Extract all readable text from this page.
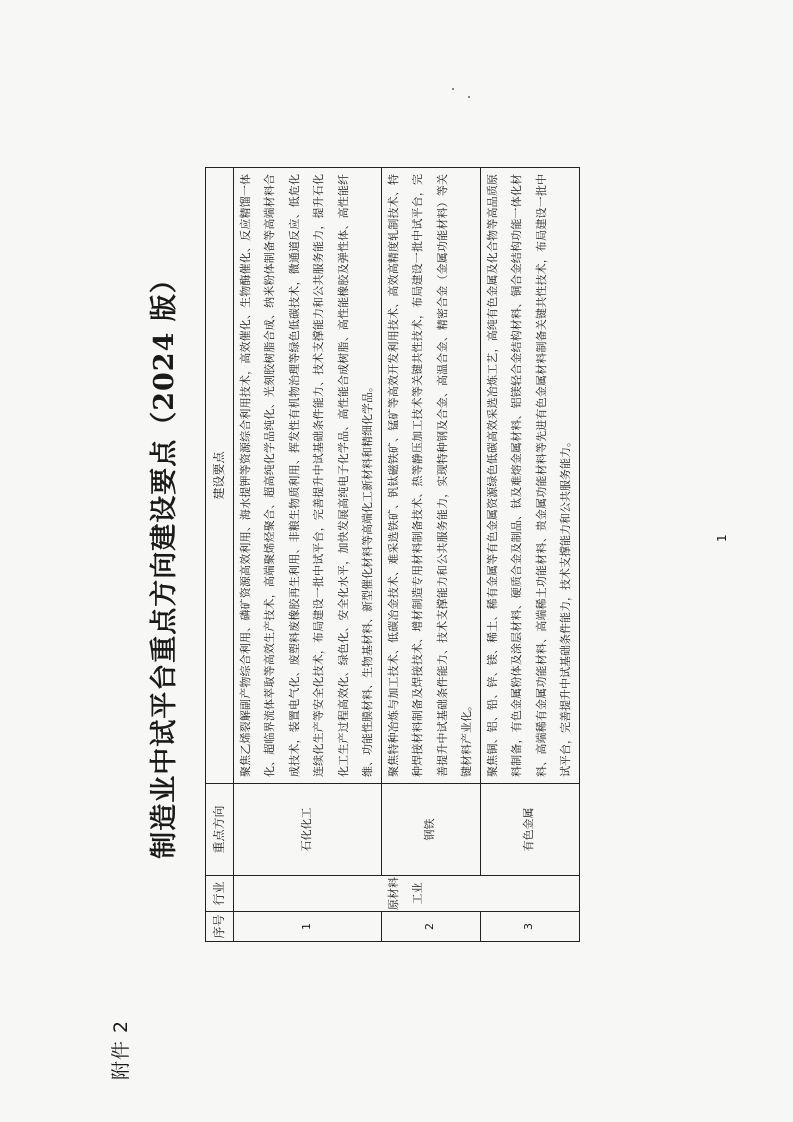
附件 2
制造业中试平台重点方向建设要点（2024 版）
序号	行业	重点方向	建设要点
1	原材料工业	石化化工	聚焦乙烯裂解副产物综合利用、磷矿资源高效利用、海水提钾等资源综合利用技术，高效催化、生物酶催化、反应精馏一体化、超临界流体萃取等高效生产技术，高端聚烯烃聚合、超高纯化学品纯化、光刻胶树脂合成、纳米粉体制备等高端材料合成技术，装置电气化、废塑料废橡胶再生利用、非粮生物质利用、挥发性有机物治理等绿色低碳技术，微通道反应、低危化连续化生产等安全化技术，布局建设一批中试平台，完善提升中试基础条件能力、技术支撑能力和公共服务能力，提升石化化工生产过程高效化、绿色化、安全化水平，加快发展高纯电子化学品、高性能合成树脂、高性能橡胶及弹性体、高性能纤维、功能性膜材料、生物基材料、新型催化材料等高端化工新材料和精细化学品。
2		钢铁	聚焦特种冶炼与加工技术、低碳冶金技术、难采选铁矿、钒钛磁铁矿、锰矿等高效开发利用技术、高效高精度轧制技术、特种焊接材料制备及焊接技术、增材制造专用材料制备技术、热等静压加工技术等关键共性技术，布局建设一批中试平台，完善提升中试基础条件能力、技术支撑能力和公共服务能力，实现特种钢及合金、高温合金、精密合金（金属功能材料）等关键材料产业化。
3		有色金属	聚焦铜、铝、铅、锌、镁、稀土、稀有金属等有色金属资源绿色低碳高效采选冶炼工艺，高纯有色金属及化合物等高品质原料制备，有色金属粉体及涂层材料、硬质合金及制品、钛及难熔金属材料、铝镁轻合金结构材料、铜合金结构功能一体化材料、高端稀有金属功能材料、高端稀土功能材料、贵金属功能材料等先进有色金属材料制备关键共性技术，布局建设一批中试平台，完善提升中试基础条件能力，技术支撑能力和公共服务能力。	1
